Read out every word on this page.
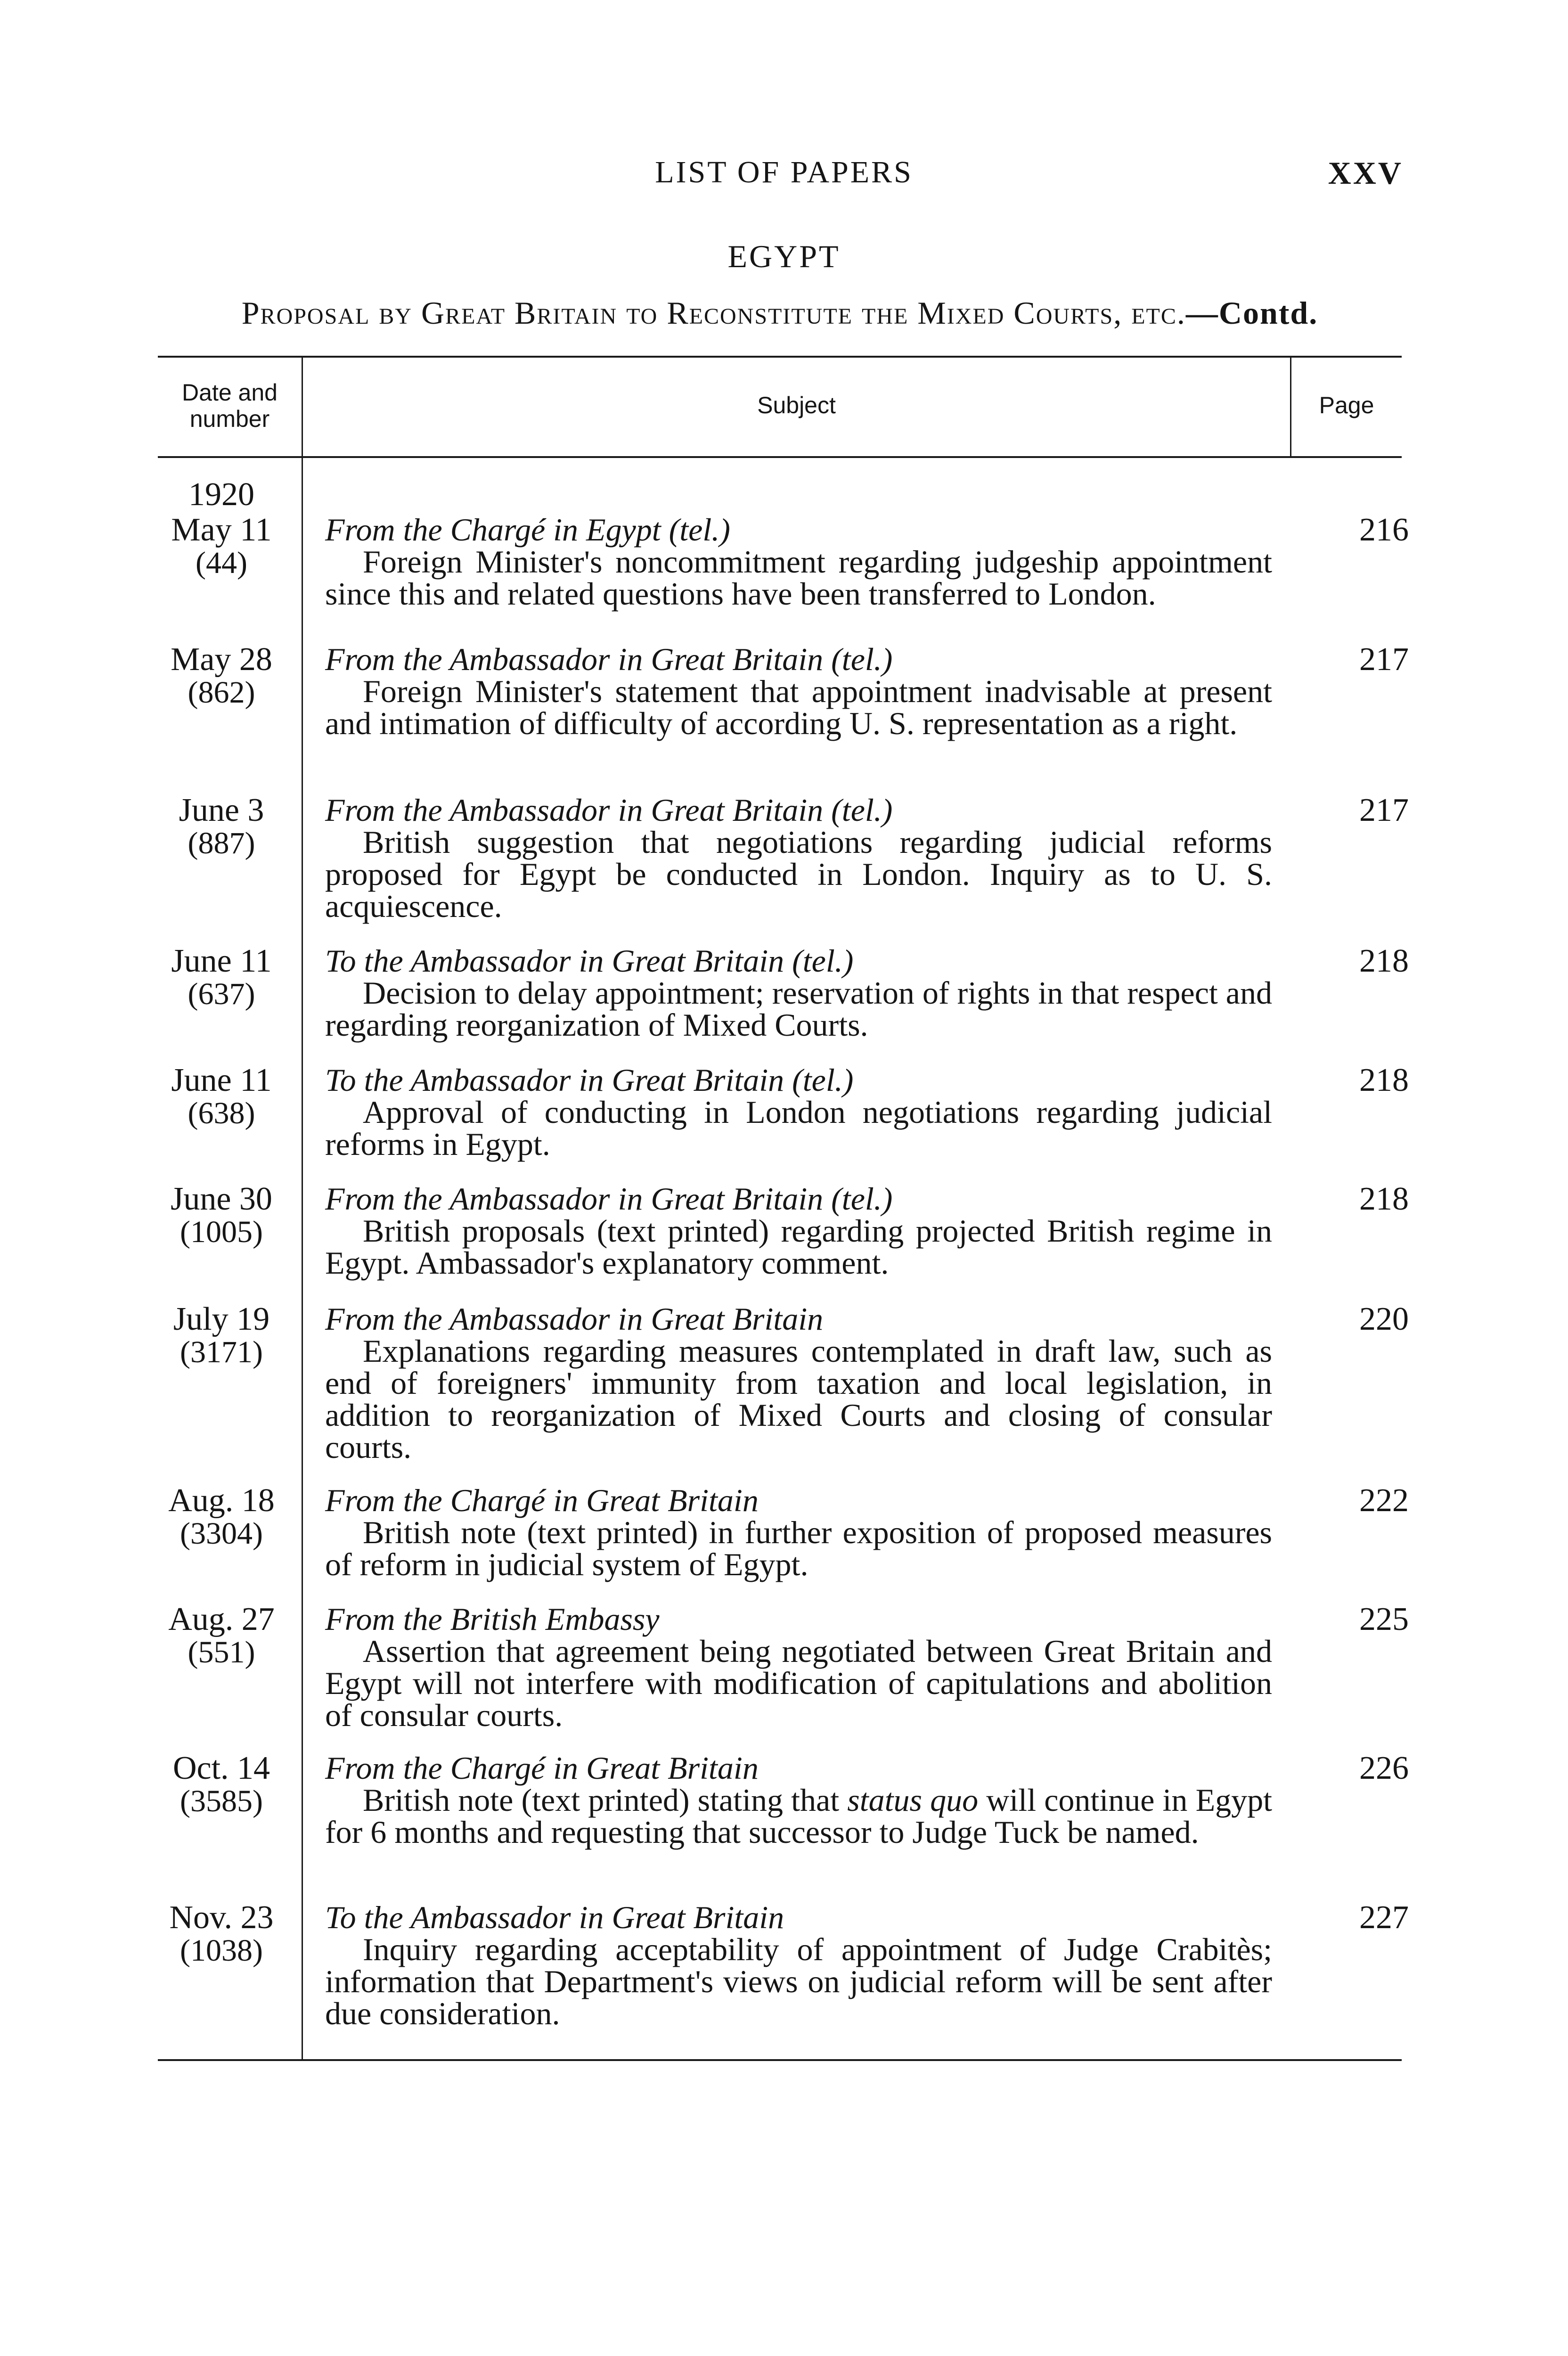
LIST OF PAPERS	XXV
EGYPT
Proposal by Great Britain to Reconstitute the Mixed Courts, etc.—Contd.
Date and
number
Subject	Page
1920
May 11
(44)
From the Chargé in Egypt (tel.)
Foreign Minister's noncommitment regarding judgeship appointment since this and related questions have been transferred to London.
216
May 28
(862)
From the Ambassador in Great Britain (tel.)
Foreign Minister's statement that appointment inadvisable at present and intimation of difficulty of according U. S. representation as a right.
217
June 3
(887)
From the Ambassador in Great Britain (tel.)
British suggestion that negotiations regarding judicial reforms proposed for Egypt be conducted in London. Inquiry as to U. S. acquiescence.
217
June 11
(637)
To the Ambassador in Great Britain (tel.)
Decision to delay appointment; reservation of rights in that respect and regarding reorganization of Mixed Courts.
218
June 11
(638)
To the Ambassador in Great Britain (tel.)
Approval of conducting in London negotiations regarding judicial reforms in Egypt.
218
June 30
(1005)
From the Ambassador in Great Britain (tel.)
British proposals (text printed) regarding projected British regime in Egypt. Ambassador's explanatory comment.
218
July 19
(3171)
From the Ambassador in Great Britain
Explanations regarding measures contemplated in draft law, such as end of foreigners' immunity from taxation and local legislation, in addition to reorganization of Mixed Courts and closing of consular courts.
220
Aug. 18
(3304)
From the Chargé in Great Britain
British note (text printed) in further exposition of proposed measures of reform in judicial system of Egypt.
222
Aug. 27
(551)
From the British Embassy
Assertion that agreement being negotiated between Great Britain and Egypt will not interfere with modification of capitulations and abolition of consular courts.
225
Oct. 14
(3585)
From the Chargé in Great Britain
British note (text printed) stating that status quo will continue in Egypt for 6 months and requesting that successor to Judge Tuck be named.
226
Nov. 23
(1038)
To the Ambassador in Great Britain
Inquiry regarding acceptability of appointment of Judge Crabitès; information that Department's views on judicial reform will be sent after due consideration.
227
